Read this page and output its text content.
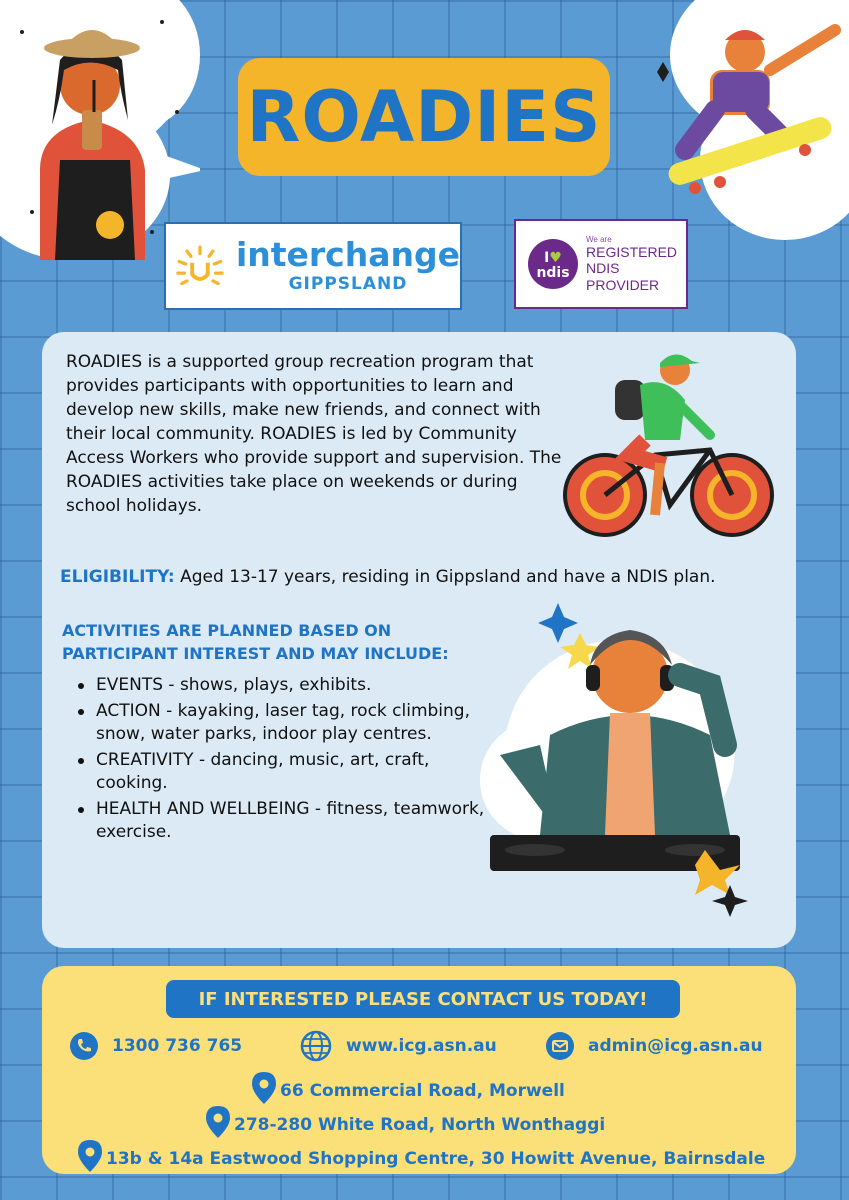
ROADIES
interchange
GIPPSLAND
I♥
ndis
We are
REGISTERED
NDIS
PROVIDER

ROADIES is a supported group recreation program that provides participants with opportunities to learn and develop new skills, make new friends, and connect with their local community. ROADIES is led by Community Access Workers who provide support and supervision. The ROADIES activities take place on weekends or during school holidays.

ELIGIBILITY: Aged 13-17 years, residing in Gippsland and have a NDIS plan.
ACTIVITIES ARE PLANNED BASED ON PARTICIPANT INTEREST AND MAY INCLUDE:
EVENTS - shows, plays, exhibits.
ACTION - kayaking, laser tag, rock climbing, snow, water parks, indoor play centres.
CREATIVITY - dancing, music, art, craft, cooking.
HEALTH AND WELLBEING - fitness, teamwork, exercise.
IF INTERESTED PLEASE CONTACT US TODAY!
1300 736 765	www.icg.asn.au	admin@icg.asn.au
66 Commercial Road, Morwell
278-280 White Road, North Wonthaggi
13b & 14a Eastwood Shopping Centre, 30 Howitt Avenue, Bairnsdale
